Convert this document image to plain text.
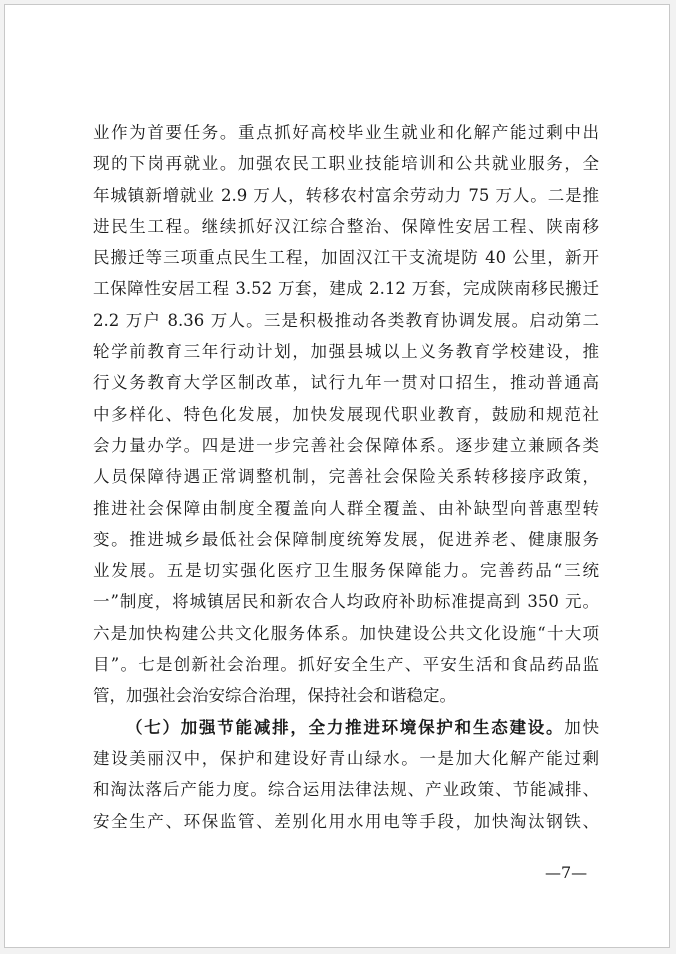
业作为首要任务。重点抓好高校毕业生就业和化解产能过剩中出
现的下岗再就业。加强农民工职业技能培训和公共就业服务，全
年城镇新增就业 2.9 万人，转移农村富余劳动力 75 万人。二是推
进民生工程。继续抓好汉江综合整治、保障性安居工程、陕南移
民搬迁等三项重点民生工程，加固汉江干支流堤防 40 公里，新开
工保障性安居工程 3.52 万套，建成 2.12 万套，完成陕南移民搬迁
2.2 万户 8.36 万人。三是积极推动各类教育协调发展。启动第二
轮学前教育三年行动计划，加强县城以上义务教育学校建设，推
行义务教育大学区制改革，试行九年一贯对口招生，推动普通高
中多样化、特色化发展，加快发展现代职业教育，鼓励和规范社
会力量办学。四是进一步完善社会保障体系。逐步建立兼顾各类
人员保障待遇正常调整机制，完善社会保险关系转移接序政策，
推进社会保障由制度全覆盖向人群全覆盖、由补缺型向普惠型转
变。推进城乡最低社会保障制度统筹发展，促进养老、健康服务
业发展。五是切实强化医疗卫生服务保障能力。完善药品“三统
一”制度，将城镇居民和新农合人均政府补助标准提高到 350 元。
六是加快构建公共文化服务体系。加快建设公共文化设施“十大项
目”。七是创新社会治理。抓好安全生产、平安生活和食品药品监
管，加强社会治安综合治理，保持社会和谐稳定。
（七）加强节能减排，全力推进环境保护和生态建设。加快
建设美丽汉中，保护和建设好青山绿水。一是加大化解产能过剩
和淘汰落后产能力度。综合运用法律法规、产业政策、节能减排、
安全生产、环保监管、差别化用水用电等手段，加快淘汰钢铁、
—7—
